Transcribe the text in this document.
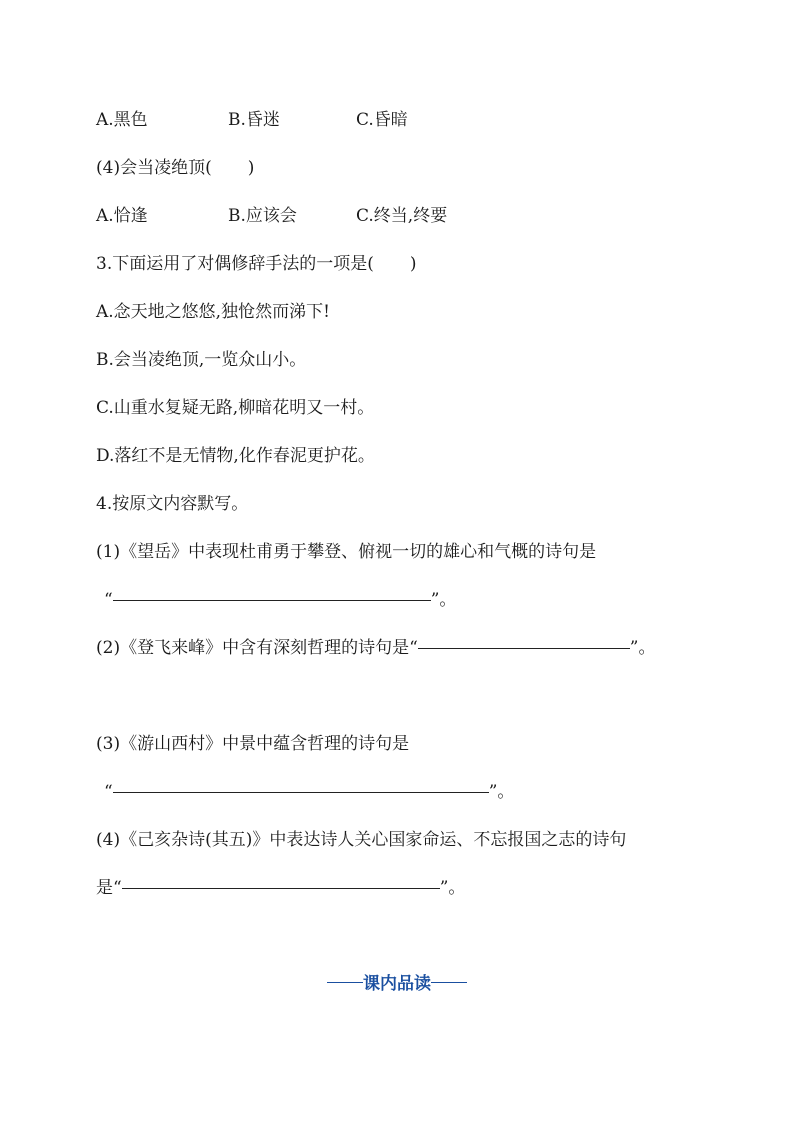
A.黑色	B.昏迷	C.昏暗
(4)会当凌绝顶( )
A.恰逢	B.应该会	C.终当,终要
3.下面运用了对偶修辞手法的一项是( )
A.念天地之悠悠,独怆然而涕下!
B.会当凌绝顶,一览众山小。
C.山重水复疑无路,柳暗花明又一村。
D.落红不是无情物,化作春泥更护花。
4.按原文内容默写。
(1)《望岳》中表现杜甫勇于攀登、俯视一切的雄心和气概的诗句是
“	”。
(2)《登飞来峰》中含有深刻哲理的诗句是“	”。
(3)《游山西村》中景中蕴含哲理的诗句是
“	”。
(4)《己亥杂诗(其五)》中表达诗人关心国家命运、不忘报国之志的诗句
是“	”。
课内品读
